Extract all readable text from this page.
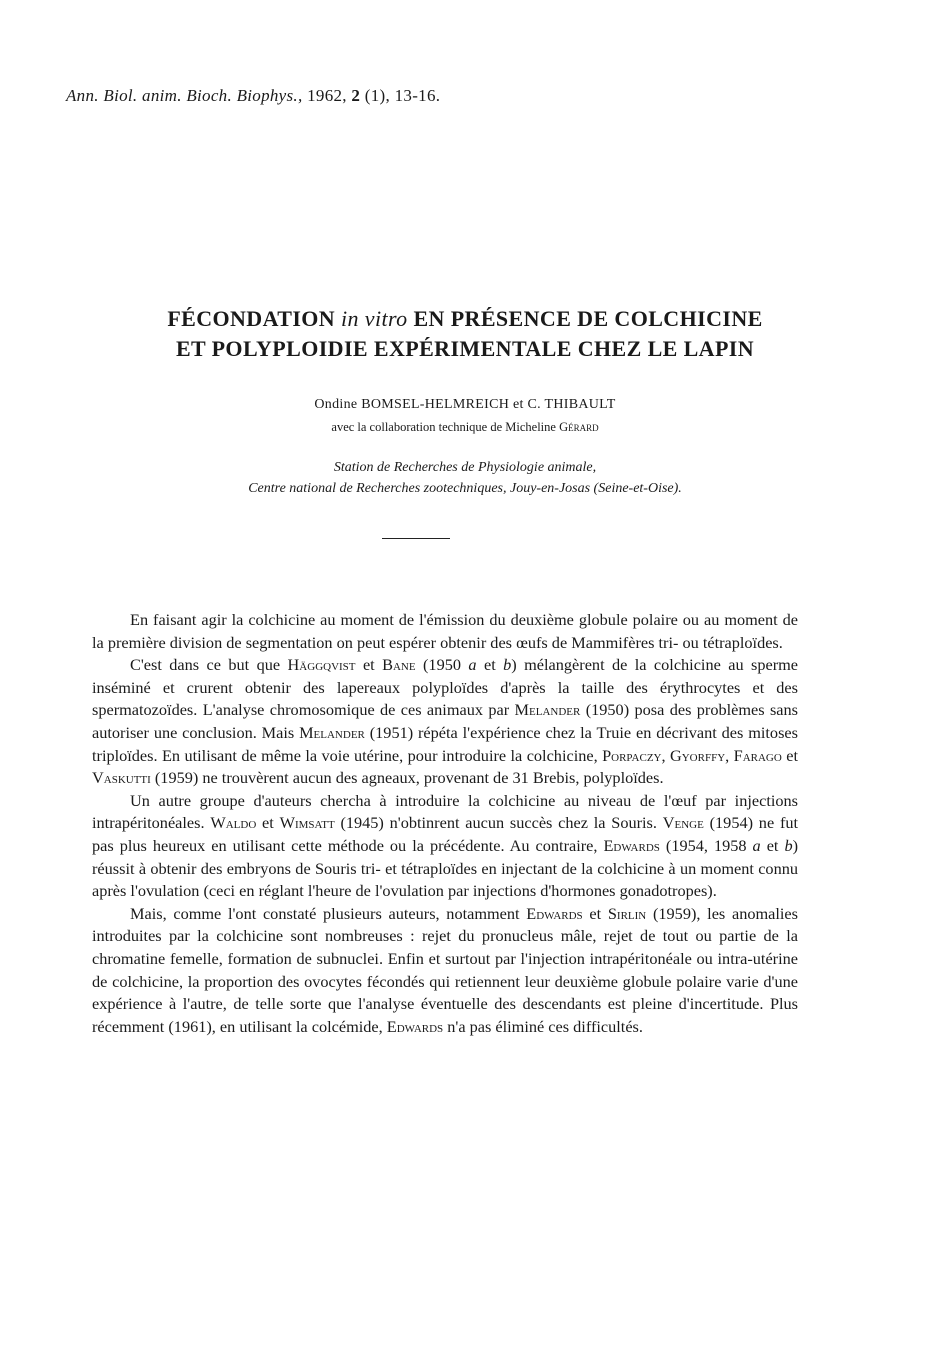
Ann. Biol. anim. Bioch. Biophys., 1962, 2 (1), 13-16.
FÉCONDATION in vitro EN PRÉSENCE DE COLCHICINE
ET POLYPLOIDIE EXPÉRIMENTALE CHEZ LE LAPIN
Ondine BOMSEL-HELMREICH et C. THIBAULT
avec la collaboration technique de Micheline Gérard
Station de Recherches de Physiologie animale,
Centre national de Recherches zootechniques, Jouy-en-Josas (Seine-et-Oise).

En faisant agir la colchicine au moment de l'émission du deuxième globule polaire ou au moment de la première division de segmentation on peut espérer obtenir des œufs de Mammifères tri- ou tétraploïdes.

C'est dans ce but que Häggqvist et Bane (1950 a et b) mélangèrent de la colchicine au sperme inséminé et crurent obtenir des lapereaux polyploïdes d'après la taille des érythrocytes et des spermatozoïdes. L'analyse chromosomique de ces animaux par Melander (1950) posa des problèmes sans autoriser une conclusion. Mais Melander (1951) répéta l'expérience chez la Truie en décrivant des mitoses triploïdes. En utilisant de même la voie utérine, pour introduire la colchicine, Porpaczy, Gyorffy, Farago et Vaskutti (1959) ne trouvèrent aucun des agneaux, provenant de 31 Brebis, polyploïdes.

Un autre groupe d'auteurs chercha à introduire la colchicine au niveau de l'œuf par injections intrapéritonéales. Waldo et Wimsatt (1945) n'obtinrent aucun succès chez la Souris. Venge (1954) ne fut pas plus heureux en utilisant cette méthode ou la précédente. Au contraire, Edwards (1954, 1958 a et b) réussit à obtenir des embryons de Souris tri- et tétraploïdes en injectant de la colchicine à un moment connu après l'ovulation (ceci en réglant l'heure de l'ovulation par injections d'hormones gonadotropes).

Mais, comme l'ont constaté plusieurs auteurs, notamment Edwards et Sirlin (1959), les anomalies introduites par la colchicine sont nombreuses : rejet du pronucleus mâle, rejet de tout ou partie de la chromatine femelle, formation de subnuclei. Enfin et surtout par l'injection intrapéritonéale ou intra-utérine de colchicine, la proportion des ovocytes fécondés qui retiennent leur deuxième globule polaire varie d'une expérience à l'autre, de telle sorte que l'analyse éventuelle des descendants est pleine d'incertitude. Plus récemment (1961), en utilisant la colcémide, Edwards n'a pas éliminé ces difficultés.
